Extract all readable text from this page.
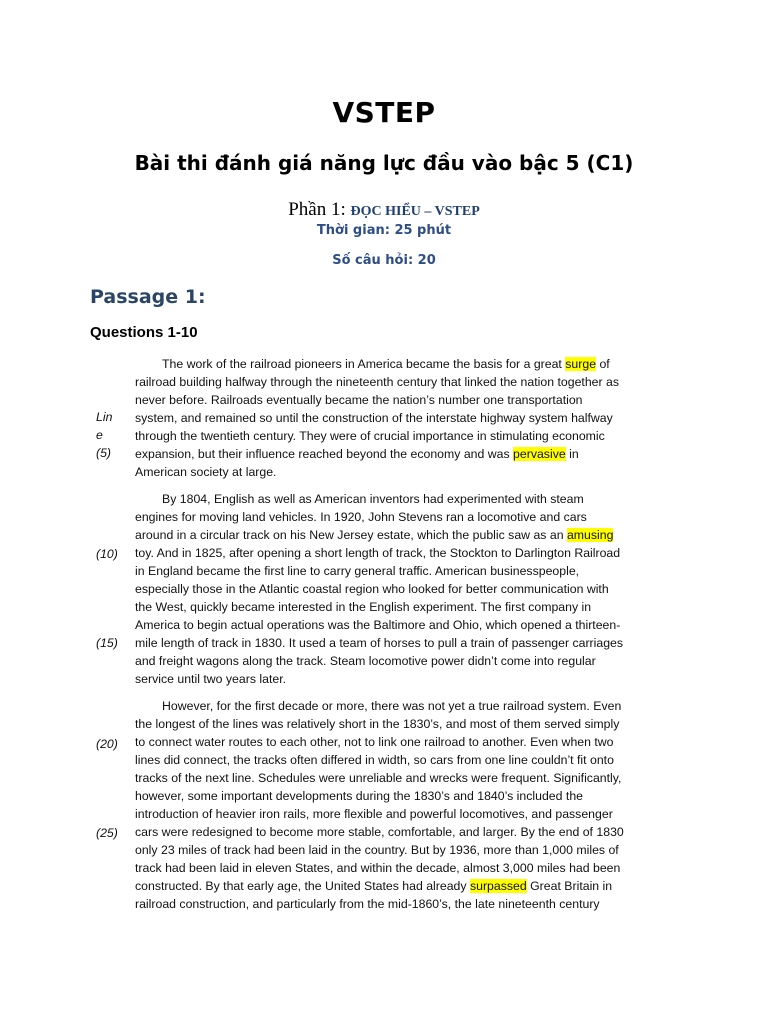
VSTEP
Bài thi đánh giá năng lực đầu vào bậc 5 (C1)
Phần 1: ĐỌC HIỂU – VSTEP
Thời gian: 25 phút
Số câu hỏi: 20
Passage 1:
Questions 1-10
Lin
e
(5)
(10)
(15)
(20)
(25)

The work of the railroad pioneers in America became the basis for a great surge of

railroad building halfway through the nineteenth century that linked the nation together as

never before. Railroads eventually became the nation’s number one transportation

system, and remained so until the construction of the interstate highway system halfway

through the twentieth century. They were of crucial importance in stimulating economic

expansion, but their influence reached beyond the economy and was pervasive in

American society at large.

By 1804, English as well as American inventors had experimented with steam

engines for moving land vehicles. In 1920, John Stevens ran a locomotive and cars

around in a circular track on his New Jersey estate, which the public saw as an amusing

toy. And in 1825, after opening a short length of track, the Stockton to Darlington Railroad

in England became the first line to carry general traffic. American businesspeople,

especially those in the Atlantic coastal region who looked for better communication with

the West, quickly became interested in the English experiment. The first company in

America to begin actual operations was the Baltimore and Ohio, which opened a thirteen-

mile length of track in 1830. It used a team of horses to pull a train of passenger carriages

and freight wagons along the track. Steam locomotive power didn’t come into regular

service until two years later.

However, for the first decade or more, there was not yet a true railroad system. Even

the longest of the lines was relatively short in the 1830’s, and most of them served simply

to connect water routes to each other, not to link one railroad to another. Even when two

lines did connect, the tracks often differed in width, so cars from one line couldn’t fit onto

tracks of the next line. Schedules were unreliable and wrecks were frequent. Significantly,

however, some important developments during the 1830’s and 1840’s included the

introduction of heavier iron rails, more flexible and powerful locomotives, and passenger

cars were redesigned to become more stable, comfortable, and larger. By the end of 1830

only 23 miles of track had been laid in the country. But by 1936, more than 1,000 miles of

track had been laid in eleven States, and within the decade, almost 3,000 miles had been

constructed. By that early age, the United States had already surpassed Great Britain in

railroad construction, and particularly from the mid-1860’s, the late nineteenth century
